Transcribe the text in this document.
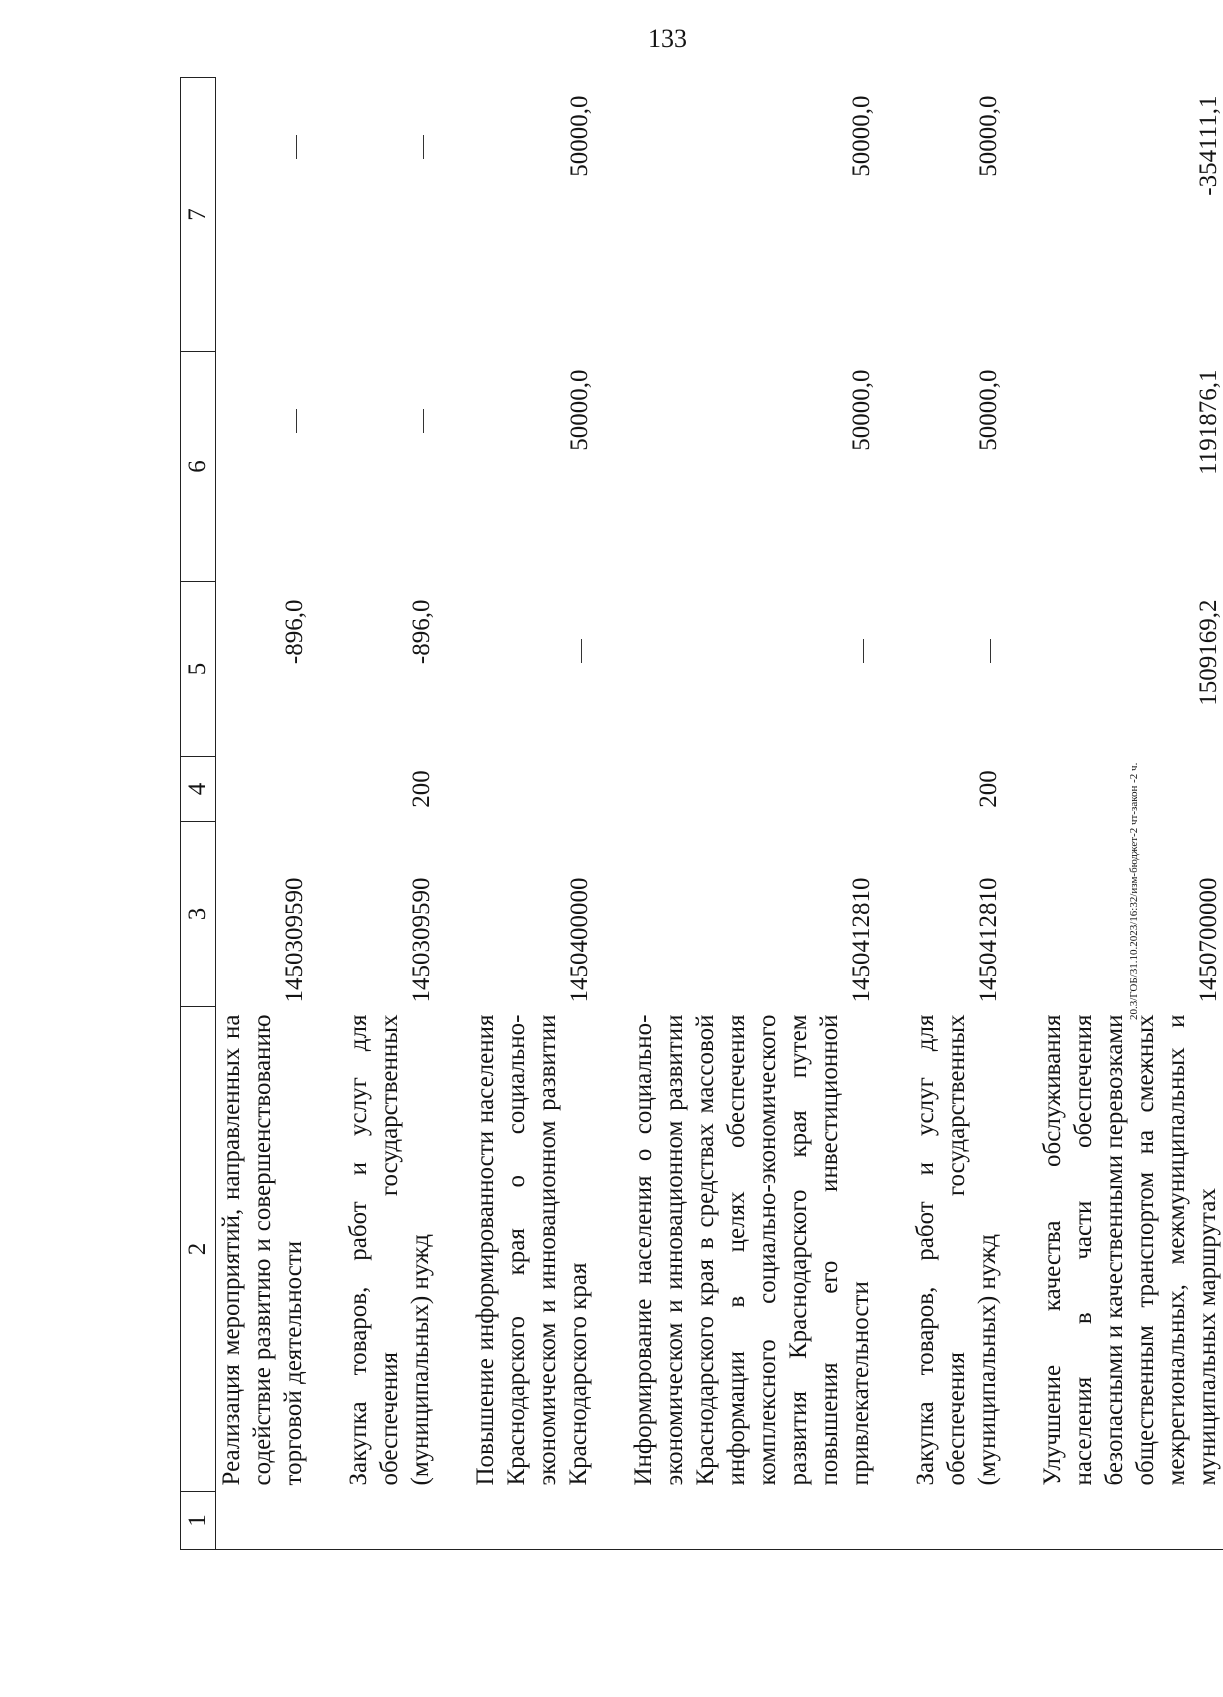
133
20.3/ГОБ/31.10.2023/16:32/изм-бюджет-2 чт-закон -2 ч.
1	2	3	4	5	6	7
	Реализация мероприятий, направленных на содействие развитию и совершенствованию торговой деятельности	1450309590		-896,0		

	Закупка товаров, работ и услуг для обеспечения государственных (муниципальных) нужд	1450309590	200	-896,0		

	Повышение информированности населения Краснодарского края о социально-экономическом и инновационном развитии Краснодарского края	1450400000			50000,0	50000,0

	Информирование населения о социально-экономическом и инновационном развитии Краснодарского края в средствах массовой информации в целях обеспечения комплексного социально-экономического развития Краснодарского края путем повышения его инвестиционной привлекательности	1450412810			50000,0	50000,0

	Закупка товаров, работ и услуг для обеспечения государственных (муниципальных) нужд	1450412810	200		50000,0	50000,0

	Улучшение качества обслуживания населения в части обеспечения безопасными и качественными перевозками общественным транспортом на смежных межрегиональных, межмуниципальных и муниципальных маршрутах	1450700000		1509169,2	1191876,1	-354111,1
